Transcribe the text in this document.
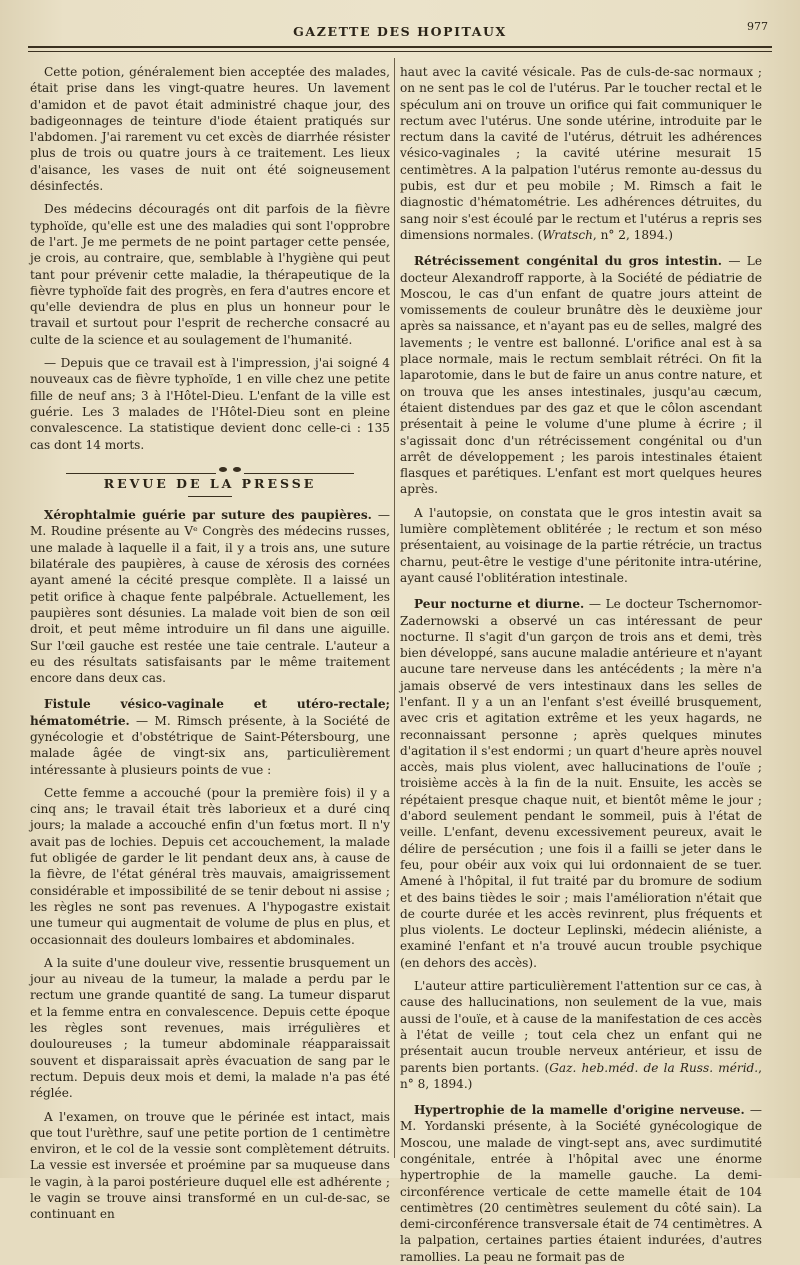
GAZETTE DES HOPITAUX	977

Cette potion, généralement bien acceptée des malades, était prise dans les vingt-quatre heures. Un lavement d'amidon et de pavot était administré chaque jour, des badigeonnages de teinture d'iode étaient pratiqués sur l'abdomen. J'ai rarement vu cet excès de diarrhée résister plus de trois ou quatre jours à ce traitement. Les lieux d'aisance, les vases de nuit ont été soigneusement désinfectés.

Des médecins découragés ont dit parfois de la fièvre typhoïde, qu'elle est une des maladies qui sont l'opprobre de l'art. Je me permets de ne point partager cette pensée, je crois, au contraire, que, semblable à l'hygiène qui peut tant pour prévenir cette maladie, la thérapeutique de la fièvre typhoïde fait des progrès, en fera d'autres encore et qu'elle deviendra de plus en plus un honneur pour le travail et surtout pour l'esprit de recherche consacré au culte de la science et au soulagement de l'humanité.

— Depuis que ce travail est à l'impression, j'ai soigné 4 nouveaux cas de fièvre typhoïde, 1 en ville chez une petite fille de neuf ans; 3 à l'Hôtel-Dieu. L'enfant de la ville est guérie. Les 3 malades de l'Hôtel-Dieu sont en pleine convalescence. La statistique devient donc celle-ci : 135 cas dont 14 morts.

REVUE DE LA PRESSE

Xérophtalmie guérie par suture des paupières. — M. Roudine présente au Vᵉ Congrès des médecins russes, une malade à laquelle il a fait, il y a trois ans, une suture bilatérale des paupières, à cause de xérosis des cornées ayant amené la cécité presque complète. Il a laissé un petit orifice à chaque fente palpébrale. Actuellement, les paupières sont désunies. La malade voit bien de son œil droit, et peut même introduire un fil dans une aiguille. Sur l'œil gauche est restée une taie centrale. L'auteur a eu des résultats satisfaisants par le même traitement encore dans deux cas.

Fistule vésico-vaginale et utéro-rectale; hématométrie. — M. Rimsch présente, à la Société de gynécologie et d'obstétrique de Saint-Pétersbourg, une malade âgée de vingt-six ans, particulièrement intéressante à plusieurs points de vue :

Cette femme a accouché (pour la première fois) il y a cinq ans; le travail était très laborieux et a duré cinq jours; la malade a accouché enfin d'un fœtus mort. Il n'y avait pas de lochies. Depuis cet accouchement, la malade fut obligée de garder le lit pendant deux ans, à cause de la fièvre, de l'état général très mauvais, amaigrissement considérable et impossibilité de se tenir debout ni assise ; les règles ne sont pas revenues. A l'hypogastre existait une tumeur qui augmentait de volume de plus en plus, et occasionnait des douleurs lombaires et abdominales.

A la suite d'une douleur vive, ressentie brusquement un jour au niveau de la tumeur, la malade a perdu par le rectum une grande quantité de sang. La tumeur disparut et la femme entra en convalescence. Depuis cette époque les règles sont revenues, mais irrégulières et douloureuses ; la tumeur abdominale réapparaissait souvent et disparaissait après évacuation de sang par le rectum. Depuis deux mois et demi, la malade n'a pas été réglée.

A l'examen, on trouve que le périnée est intact, mais que tout l'urèthre, sauf une petite portion de 1 centimètre environ, et le col de la vessie sont complètement détruits. La vessie est inversée et proémine par sa muqueuse dans le vagin, à la paroi postérieure duquel elle est adhérente ; le vagin se trouve ainsi transformé en un cul-de-sac, se continuant en

haut avec la cavité vésicale. Pas de culs-de-sac normaux ; on ne sent pas le col de l'utérus. Par le toucher rectal et le spéculum ani on trouve un orifice qui fait communiquer le rectum avec l'utérus. Une sonde utérine, introduite par le rectum dans la cavité de l'utérus, détruit les adhérences vésico-vaginales ; la cavité utérine mesurait 15 centimètres. A la palpation l'utérus remonte au-dessus du pubis, est dur et peu mobile ; M. Rimsch a fait le diagnostic d'hématométrie. Les adhérences détruites, du sang noir s'est écoulé par le rectum et l'utérus a repris ses dimensions normales. (Wratsch, n° 2, 1894.)

Rétrécissement congénital du gros intestin. — Le docteur Alexandroff rapporte, à la Société de pédiatrie de Moscou, le cas d'un enfant de quatre jours atteint de vomissements de couleur brunâtre dès le deuxième jour après sa naissance, et n'ayant pas eu de selles, malgré des lavements ; le ventre est ballonné. L'orifice anal est à sa place normale, mais le rectum semblait rétréci. On fit la laparotomie, dans le but de faire un anus contre nature, et on trouva que les anses intestinales, jusqu'au cæcum, étaient distendues par des gaz et que le côlon ascendant présentait à peine le volume d'une plume à écrire ; il s'agissait donc d'un rétrécissement congénital ou d'un arrêt de développement ; les parois intestinales étaient flasques et parétiques. L'enfant est mort quelques heures après.

A l'autopsie, on constata que le gros intestin avait sa lumière complètement oblitérée ; le rectum et son méso présentaient, au voisinage de la partie rétrécie, un tractus charnu, peut-être le vestige d'une péritonite intra-utérine, ayant causé l'oblitération intestinale.

Peur nocturne et diurne. — Le docteur Tschernomor-Zadernowski a observé un cas intéressant de peur nocturne. Il s'agit d'un garçon de trois ans et demi, très bien développé, sans aucune maladie antérieure et n'ayant aucune tare nerveuse dans les antécédents ; la mère n'a jamais observé de vers intestinaux dans les selles de l'enfant. Il y a un an l'enfant s'est éveillé brusquement, avec cris et agitation extrême et les yeux hagards, ne reconnaissant personne ; après quelques minutes d'agitation il s'est endormi ; un quart d'heure après nouvel accès, mais plus violent, avec hallucinations de l'ouïe ; troisième accès à la fin de la nuit. Ensuite, les accès se répétaient presque chaque nuit, et bientôt même le jour ; d'abord seulement pendant le sommeil, puis à l'état de veille. L'enfant, devenu excessivement peureux, avait le délire de persécution ; une fois il a failli se jeter dans le feu, pour obéir aux voix qui lui ordonnaient de se tuer. Amené à l'hôpital, il fut traité par du bromure de sodium et des bains tièdes le soir ; mais l'amélioration n'était que de courte durée et les accès revinrent, plus fréquents et plus violents. Le docteur Leplinski, médecin aliéniste, a examiné l'enfant et n'a trouvé aucun trouble psychique (en dehors des accès).

L'auteur attire particulièrement l'attention sur ce cas, à cause des hallucinations, non seulement de la vue, mais aussi de l'ouïe, et à cause de la manifestation de ces accès à l'état de veille ; tout cela chez un enfant qui ne présentait aucun trouble nerveux antérieur, et issu de parents bien portants. (Gaz. heb.méd. de la Russ. mérid., n° 8, 1894.)

Hypertrophie de la mamelle d'origine nerveuse. — M. Yordanski présente, à la Société gynécologique de Moscou, une malade de vingt-sept ans, avec surdimutité congénitale, entrée à l'hôpital avec une énorme hypertrophie de la mamelle gauche. La demi-circonférence verticale de cette mamelle était de 104 centimètres (20 centimètres seulement du côté sain). La demi-circonférence transversale était de 74 centimètres. A la palpation, certaines parties étaient indurées, d'autres ramollies. La peau ne formait pas de
